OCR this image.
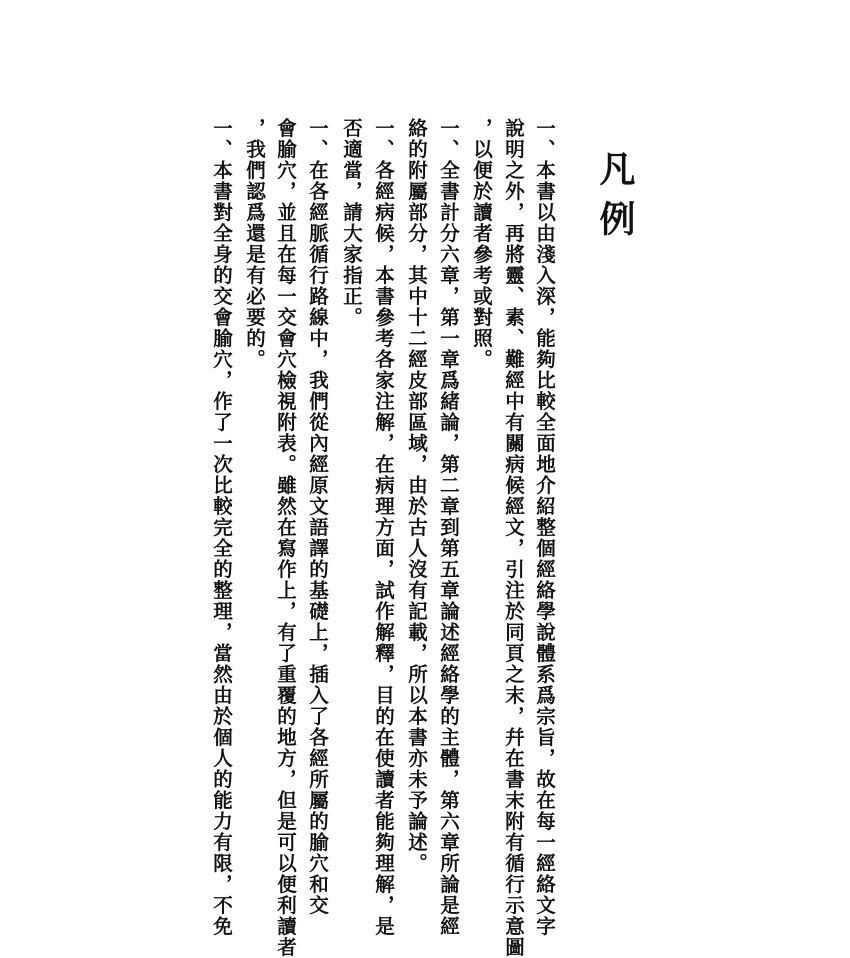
凡例
一、本書以由淺入深，能夠比較全面地介紹整個經絡學說體系爲宗旨，故在每一經絡文字
說明之外，再將靈、素、難經中有關病候經文，引注於同頁之末，幷在書末附有循行示意圖
，以便於讀者參考或對照。
一、全書計分六章，第一章爲緒論，第二章到第五章論述經絡學的主體，第六章所論是經
絡的附屬部分，其中十二經皮部區域，由於古人沒有記載，所以本書亦未予論述。
一、各經病候，本書參考各家注解，在病理方面，試作解釋，目的在使讀者能夠理解，是
否適當，請大家指正。
一、在各經脈循行路線中，我們從內經原文語譯的基礎上，插入了各經所屬的腧穴和交
會腧穴，並且在每一交會穴檢視附表。雖然在寫作上，有了重覆的地方，但是可以便利讀者
，我們認爲還是有必要的。
一、本書對全身的交會腧穴，作了一次比較完全的整理，當然由於個人的能力有限，不免
